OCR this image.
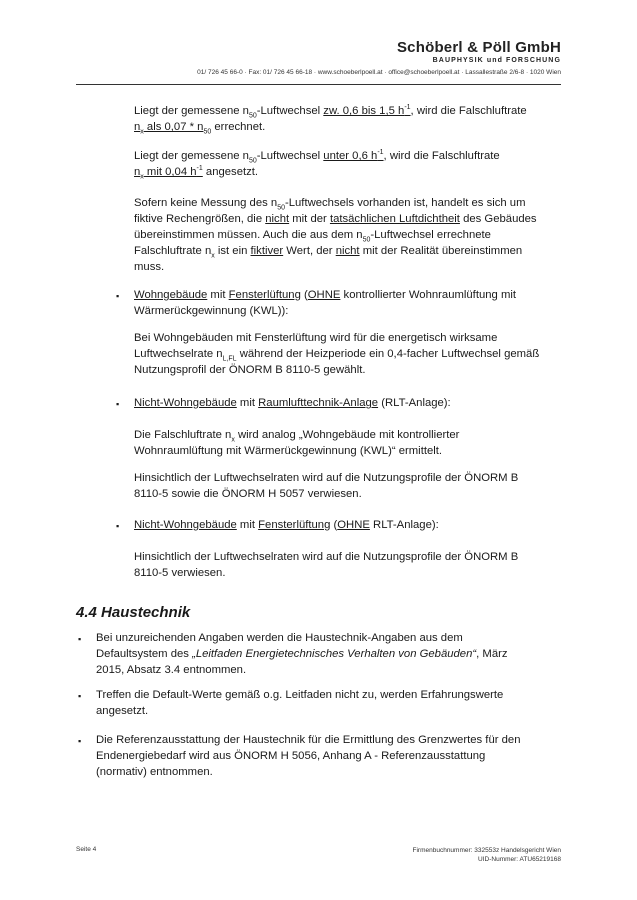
Schöberl & Pöll GmbH
BAUPHYSIK und FORSCHUNG
01/ 726 45 66-0 · Fax: 01/ 726 45 66-18 · www.schoeberlpoell.at · office@schoeberlpoell.at · Lassallestraße 2/6-8 · 1020 Wien
Liegt der gemessene $n_{50}$-Luftwechsel zw. 0,6 bis 1,5 $h^{-1}$, wird die Falschluftrate
$n_x$ als $0,07 * n_{50}$ errechnet.
Liegt der gemessene $n_{50}$-Luftwechsel unter 0,6 $h^{-1}$, wird die Falschluftrate
$n_x$ mit 0,04 $h^{-1}$ angesetzt.
Sofern keine Messung des $n_{50}$-Luftwechsels vorhanden ist, handelt es sich um
fiktive Rechengrößen, die nicht mit der tatsächlichen Luftdichtheit des Gebäudes
übereinstimmen müssen. Auch die aus dem $n_{50}$-Luftwechsel errechnete
Falschluftrate $n_x$ ist ein fiktiver Wert, der nicht mit der Realität übereinstimmen
muss.
▪ Wohngebäude mit Fensterlüftung (OHNE kontrollierter Wohnraumlüftung mit
Wärmerückgewinnung (KWL)):
Bei Wohngebäuden mit Fensterlüftung wird für die energetisch wirksame
Luftwechselrate $n_{L,FL}$ während der Heizperiode ein 0,4-facher Luftwechsel gemäß
Nutzungsprofil der ÖNORM B 8110-5 gewählt.
▪ Nicht-Wohngebäude mit Raumlufttechnik-Anlage (RLT-Anlage):
Die Falschluftrate $n_x$ wird analog „Wohngebäude mit kontrollierter
Wohnraumlüftung mit Wärmerückgewinnung (KWL)“ ermittelt.
Hinsichtlich der Luftwechselraten wird auf die Nutzungsprofile der ÖNORM B
8110-5 sowie die ÖNORM H 5057 verwiesen.
▪ Nicht-Wohngebäude mit Fensterlüftung (OHNE RLT-Anlage):
Hinsichtlich der Luftwechselraten wird auf die Nutzungsprofile der ÖNORM B
8110-5 verwiesen.
4.4 Haustechnik
▪ Bei unzureichenden Angaben werden die Haustechnik-Angaben aus dem
Defaultsystem des „Leitfaden Energietechnisches Verhalten von Gebäuden“, März
2015, Absatz 3.4 entnommen.
▪ Treffen die Default-Werte gemäß o.g. Leitfaden nicht zu, werden Erfahrungswerte
angesetzt.
▪ Die Referenzausstattung der Haustechnik für die Ermittlung des Grenzwertes für den
Endenergiebedarf wird aus ÖNORM H 5056, Anhang A - Referenzausstattung
(normativ) entnommen.
Seite 4	Firmenbuchnummer: 332553z Handelsgericht Wien
UID-Nummer: ATU65219168
